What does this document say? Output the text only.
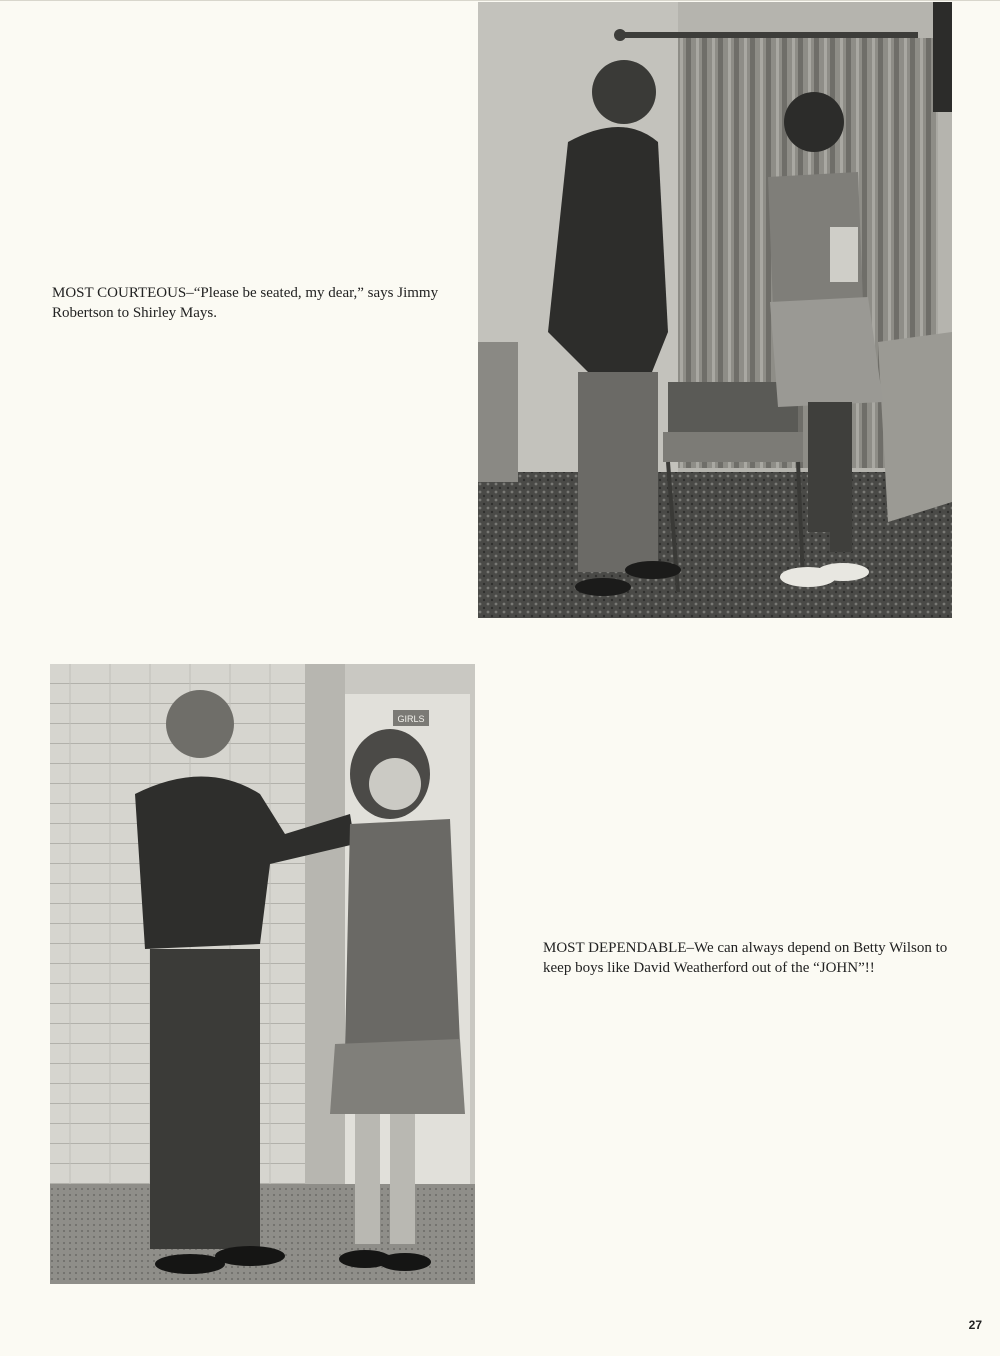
MOST COURTEOUS–“Please be seated, my dear,” says Jimmy Robertson to Shirley Mays.
GIRLS
MOST DEPENDABLE–We can always depend on Betty Wilson to keep boys like David Weatherford out of the “JOHN”!!
27
